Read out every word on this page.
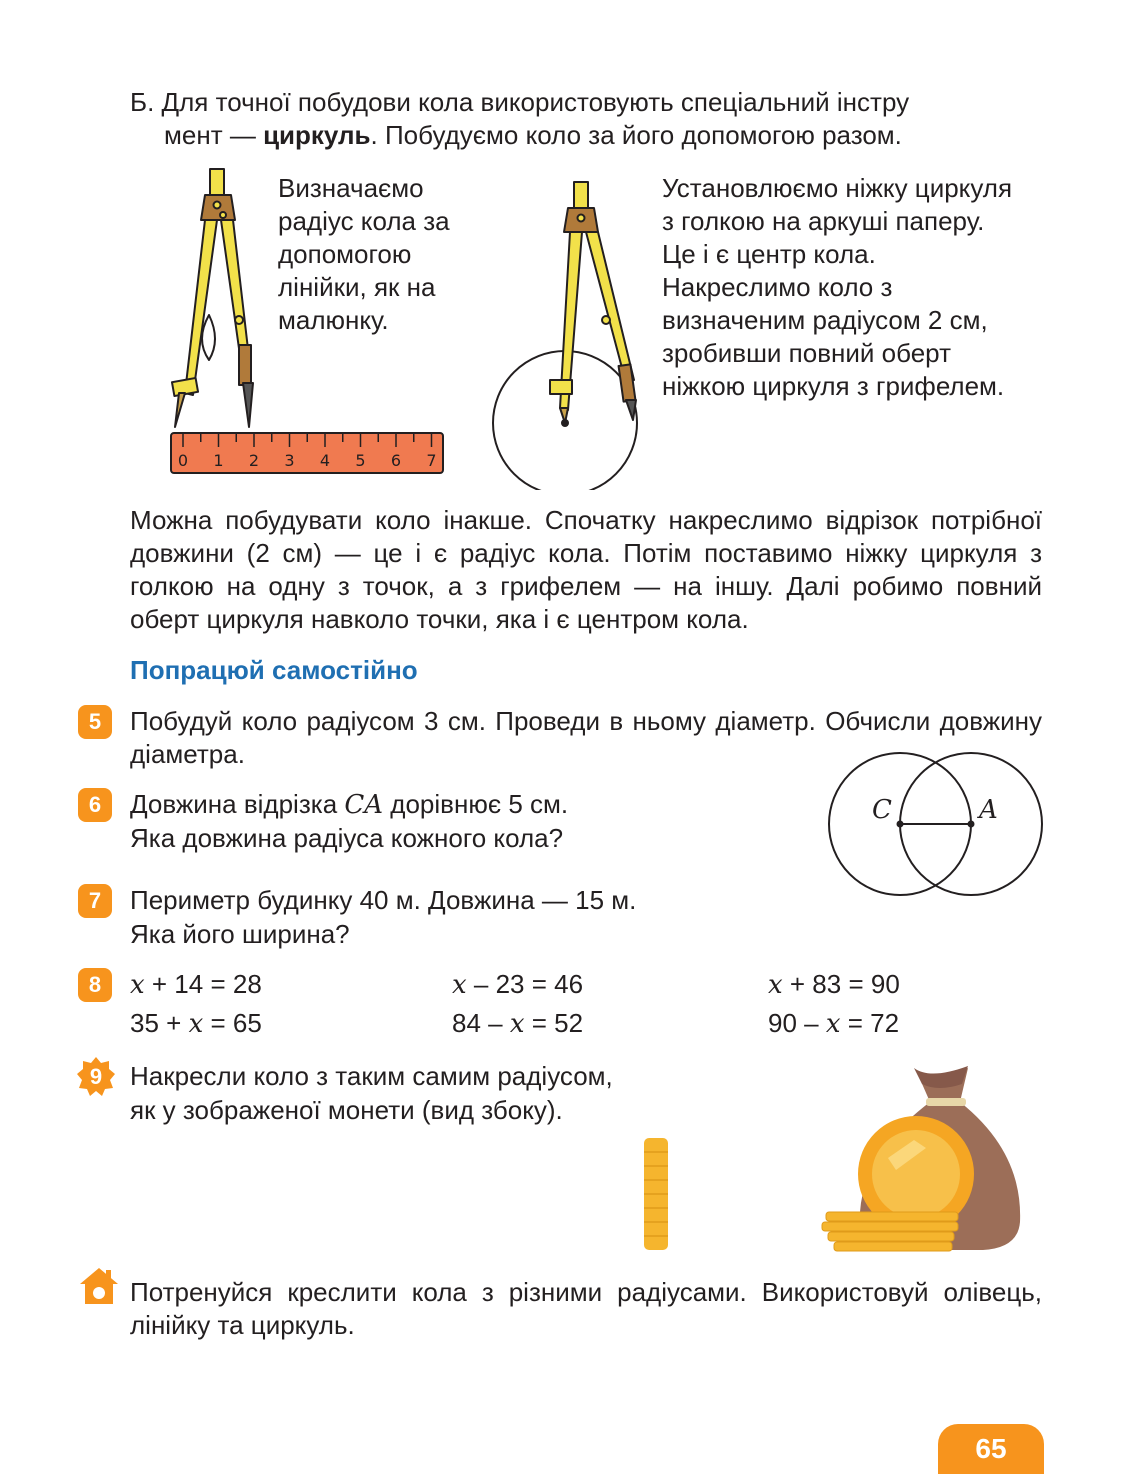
Б. Для точної побудови кола використовують спеціальний інстру
мент — циркуль. Побудуємо коло за його допомогою разом.
0 1 2 3 4 5 6 7
Визначаємо радіус кола за допомогою лінійки, як на малюнку.
Установлюємо ніжку циркуля з голкою на аркуші паперу. Це і є центр кола. Накреслимо коло з визначеним радіусом 2 см, зробивши повний оберт ніжкою циркуля з грифелем.
Можна побудувати коло інакше. Спочатку накреслимо відрізок потрібної довжини (2 см) — це і є радіус кола. Потім поставимо ніжку циркуля з голкою на одну з точок, а з грифелем — на іншу. Далі робимо повний оберт циркуля навколо точки, яка і є центром кола.
Попрацюй самостійно
5	Побудуй коло радіусом 3 см. Проведи в ньому діаметр. Обчисли довжину діаметра.
6	Довжина відрізка CA дорівнює 5 см.
Яка довжина радіуса кожного кола?
C	A
7	Периметр будинку 40 м. Довжина — 15 м.
Яка його ширина?
8	x + 14 = 28	x – 23 = 46	x + 83 = 90
35 + x = 65	84 – x = 52	90 – x = 72
9	Накресли коло з таким самим радіусом,
як у зображеної монети (вид збоку).
Потренуйся креслити кола з різними радіусами. Використовуй олівець, лінійку та циркуль.
65
